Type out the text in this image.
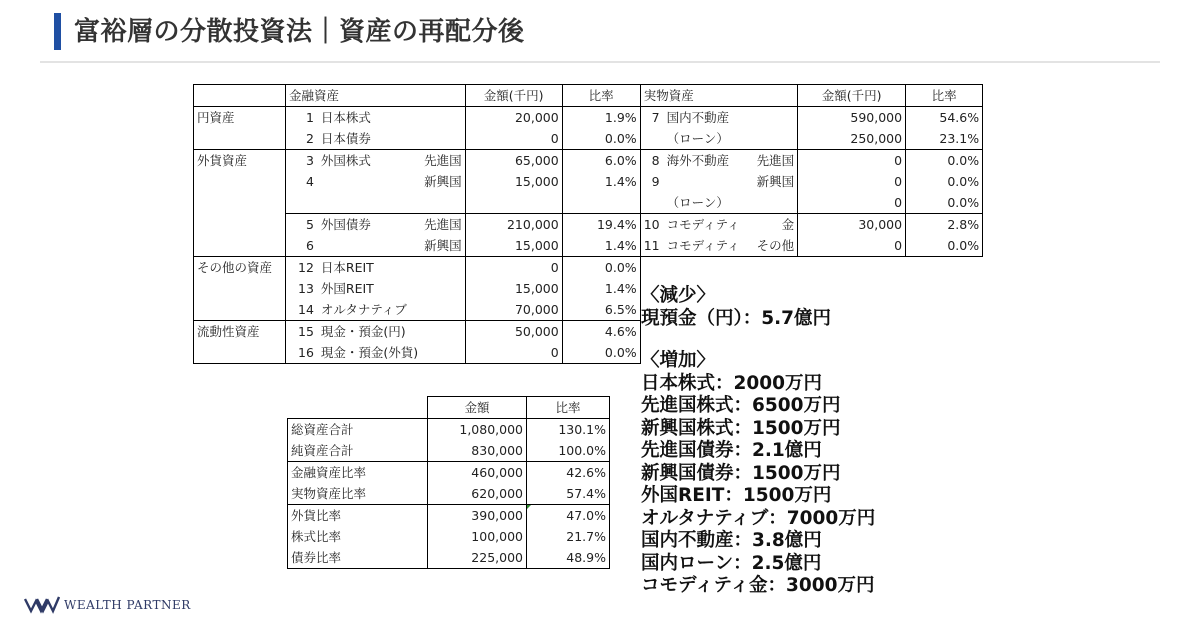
富裕層の分散投資法｜資産の再配分後
	金融資産			金額(千円)	比率	実物資産			金額(千円)	比率
円資産	1	日本株式		20,000	1.9%	7	国内不動産		590,000	54.6%
	2	日本債券		0	0.0%		（ローン）		250,000	23.1%
外貨資産	3	外国株式	先進国	65,000	6.0%	8	海外不動産	先進国	0	0.0%
	4		新興国	15,000	1.4%	9		新興国	0	0.0%
							（ローン）		0	0.0%
	5	外国債券	先進国	210,000	19.4%	10	コモディティ	金	30,000	2.8%
	6		新興国	15,000	1.4%	11	コモディティ	その他	0	0.0%
その他の資産	12	日本REIT		0	0.0%					
	13	外国REIT		15,000	1.4%					
	14	オルタナティブ		70,000	6.5%					
流動性資産	15	現金・預金(円)		50,000	4.6%					
	16	現金・預金(外貨)		0	0.0%					
	金額	比率
総資産合計	1,080,000	130.1%
純資産合計	830,000	100.0%
金融資産比率	460,000	42.6%
実物資産比率	620,000	57.4%
外貨比率	390,000	47.0%
株式比率	100,000	21.7%
債券比率	225,000	48.9%
〈減少〉
現預金（円）：5.7億円
〈増加〉
日本株式：2000万円
先進国株式：6500万円
新興国株式：1500万円
先進国債券：2.1億円
新興国債券：1500万円
外国REIT：1500万円
オルタナティブ：7000万円
国内不動産：3.8億円
国内ローン：2.5億円
コモディティ金：3000万円
WEALTH PARTNER
